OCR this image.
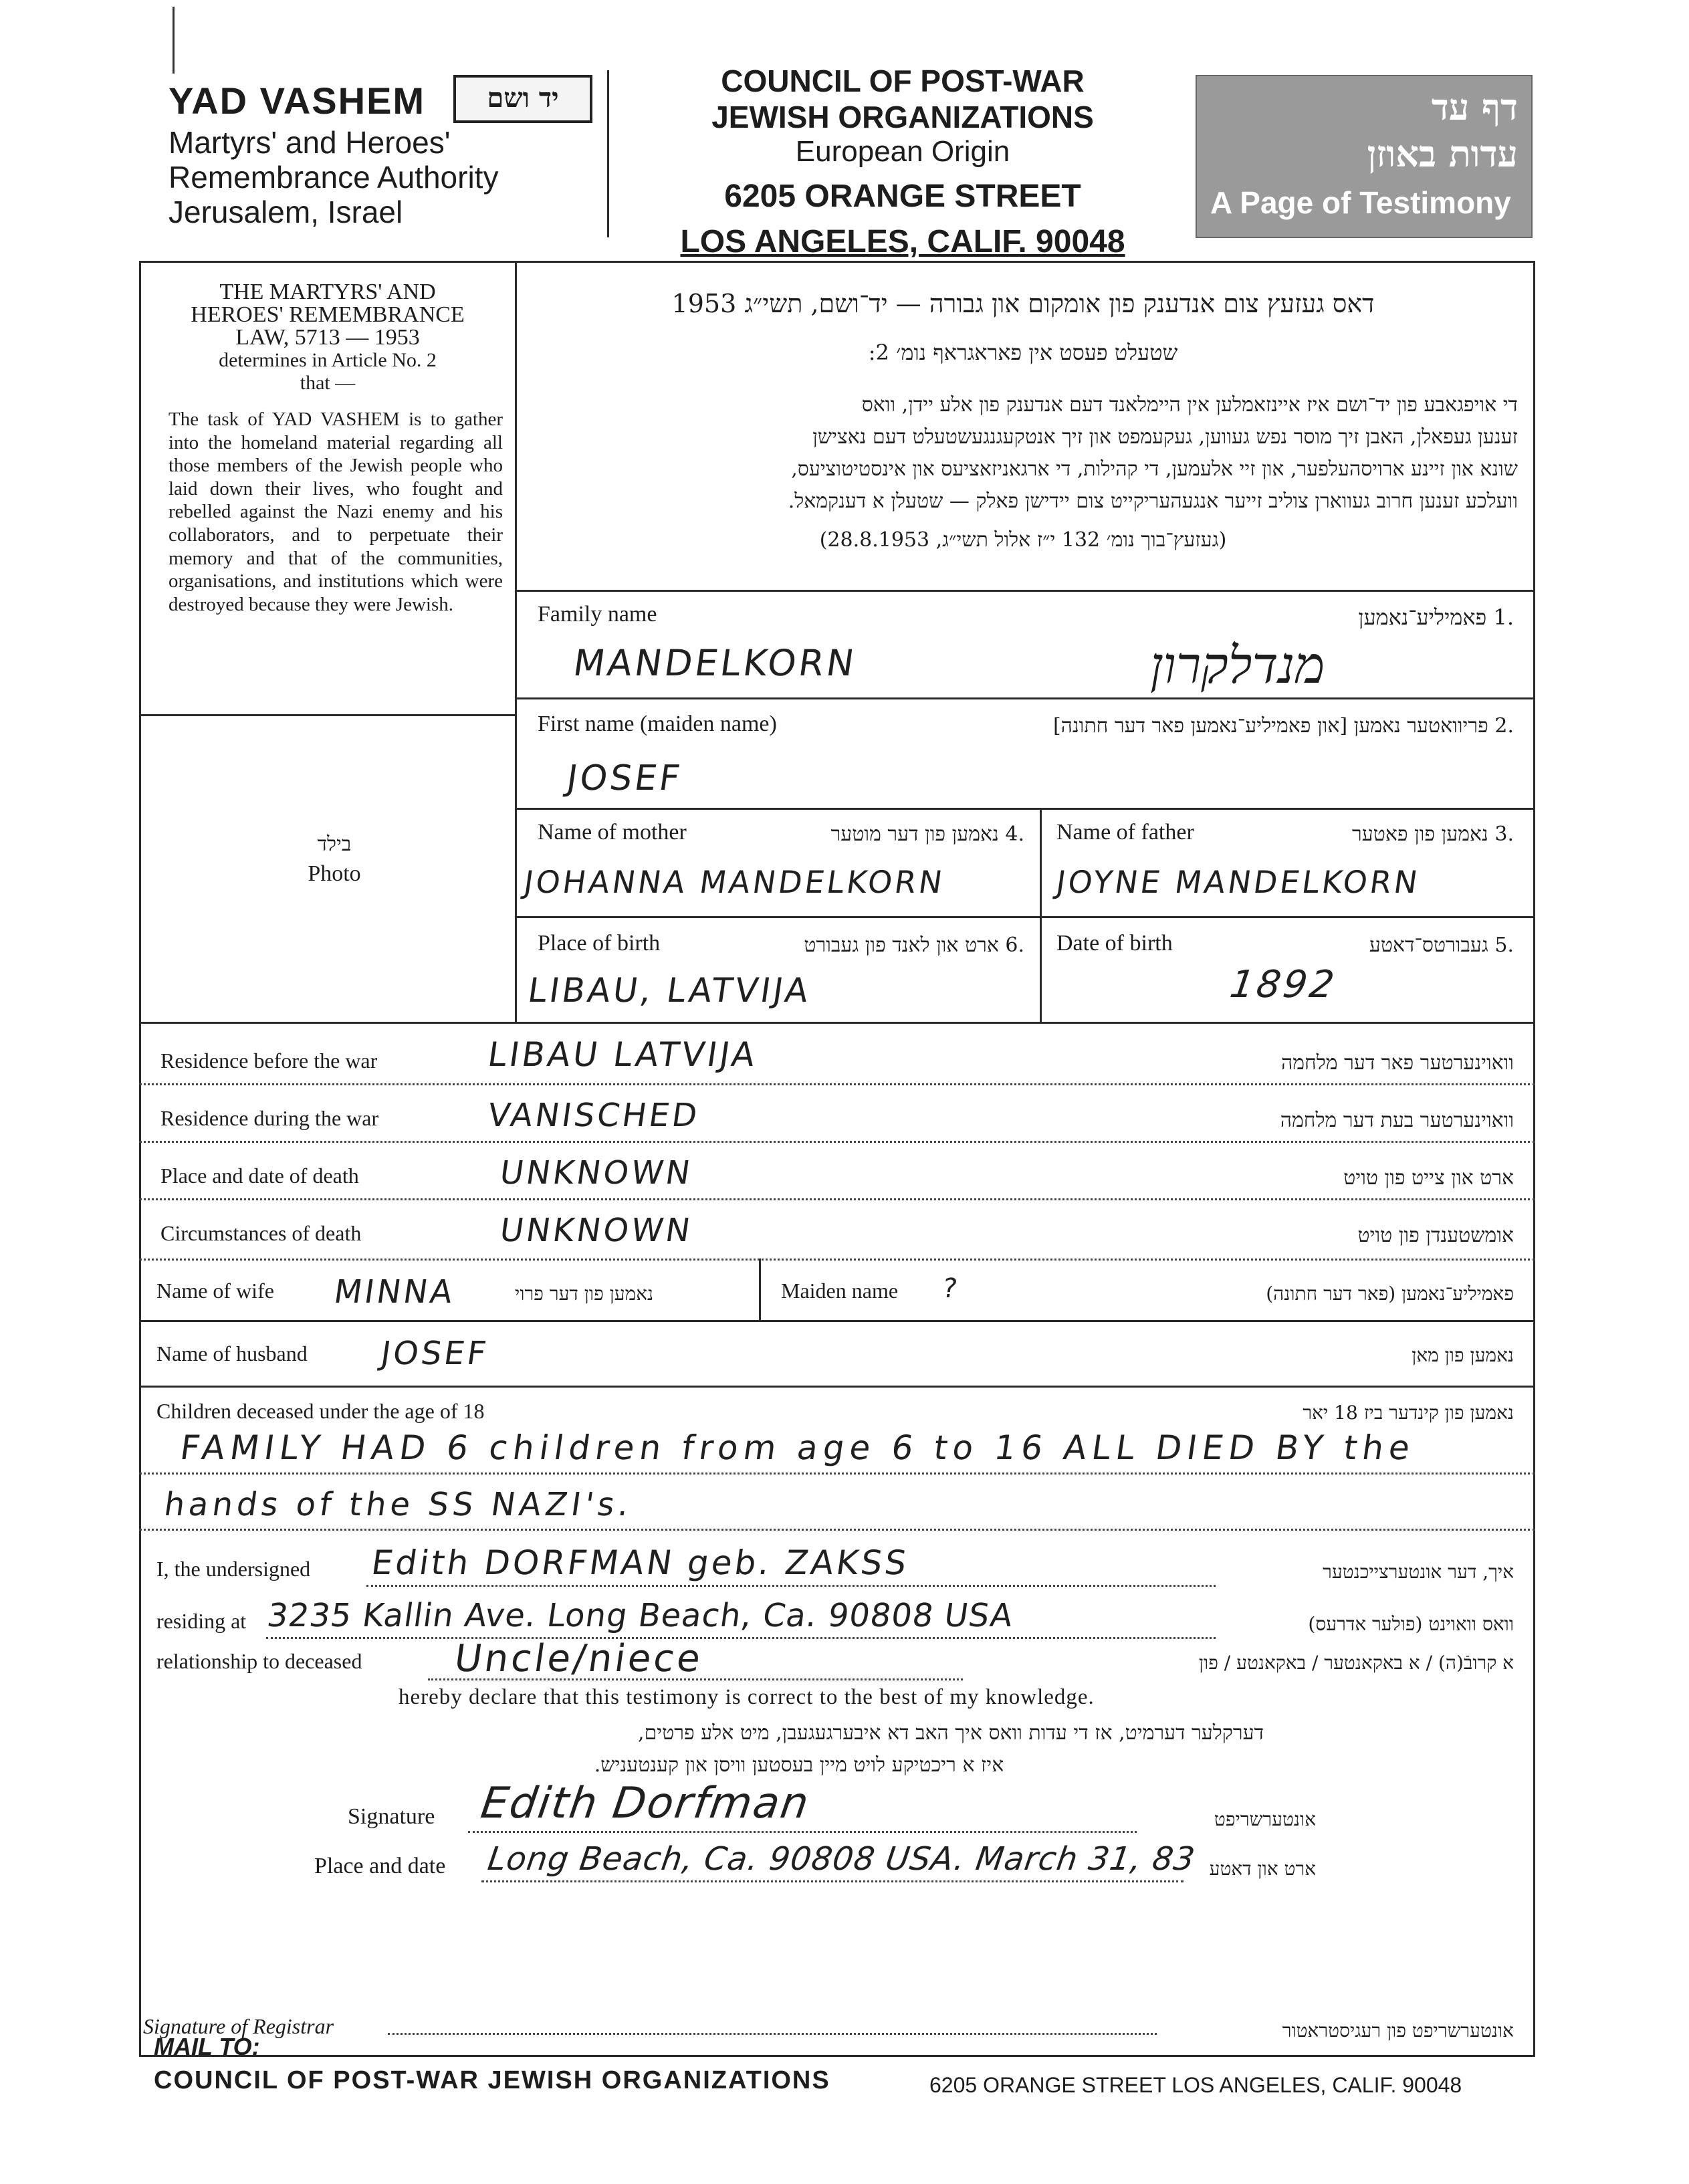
YAD VASHEM	יד ושם
Martyrs' and Heroes'
Remembrance Authority
Jerusalem, Israel
COUNCIL OF POST-WAR
JEWISH ORGANIZATIONS
European Origin
6205 ORANGE STREET
LOS ANGELES, CALIF. 90048
דף עד
עדות באוזן
A Page of Testimony
THE MARTYRS' AND
HEROES' REMEMBRANCE
LAW, 5713 — 1953
determines in Article No. 2
that —
The task of YAD VASHEM is to gather into the homeland material regarding all those members of the Jewish people who laid down their lives, who fought and rebelled against the Nazi enemy and his collaborators, and to perpetuate their memory and that of the communities, organisations, and institutions which were destroyed because they were Jewish.
בילד
Photo
דאס געזעץ צום אנדענק פון אומקום און גבורה — יד־ושם, תשי״ג 1953
שטעלט פעסט אין פאראגראף נומ׳ 2:
די אויפגאבע פון יד־ושם איז איינזאמלען אין היימלאנד דעם אנדענק פון אלע יידן, וואס
זענען געפאלן, האבן זיך מוסר נפש געווען, געקעמפט און זיך אנטקעגנגעשטעלט דעם נאצישן
שונא און זיינע ארויסהעלפער, און זיי אלעמען, די קהילות, די ארגאניזאציעס און אינסטיטוציעס,
וועלכע זענען חרוב געווארן צוליב זייער אנגעהעריקייט צום יידישן פאלק — שטעלן א דענקמאל.
(געזעץ־בוך נומ׳ 132 י״ז אלול תשי״ג, 28.8.1953)
Family name	.1 פאמיליע־נאמען
MANDELKORN	מנדלקרון
First name (maiden name)	.2 פריוואטער נאמען [און פאמיליע־נאמען פאר דער חתונה]
JOSEF
Name of mother	.4 נאמען פון דער מוטער
JOHANNA MANDELKORN
Name of father	.3 נאמען פון פאטער
JOYNE MANDELKORN
Place of birth	.6 ארט און לאנד פון געבורט
LIBAU, LATVIJA
Date of birth	.5 געבורטס־דאטע
1892
Residence before the war	וואוינערטער פאר דער מלחמה
LIBAU LATVIJA
Residence during the war	וואוינערטער בעת דער מלחמה
VANISCHED
Place and date of death	ארט און צייט פון טויט
UNKNOWN
Circumstances of death	אומשטענדן פון טויט
UNKNOWN
Name of wife MINNA	נאמען פון דער פרוי	Maiden name ?	פאמיליע־נאמען (פאר דער חתונה)
Name of husband JOSEF	נאמען פון מאן
Children deceased under the age of 18	נאמען פון קינדער ביז 18 יאר
FAMILY HAD 6 children from age 6 to 16 ALL DIED BY the
hands of the SS NAZI's.
I, the undersigned Edith DORFMAN geb. ZAKSS	איך, דער אונטערצייכנטער
residing at 3235 Kallin Ave. Long Beach, Ca. 90808 USA	וואס וואוינט (פולער אדרעס)
relationship to deceased Uncle/niece	א קרובֿ(ה) / א באקאנטער / באקאנטע / פון
hereby declare that this testimony is correct to the best of my knowledge.
דערקלער דערמיט, אז די עדות וואס איך האב דא איבערגעגעבן, מיט אלע פרטים,
איז א ריכטיקע לויט מיין בעסטען וויסן און קענטעניש.
Signature Edith Dorfman	אונטערשריפט
Place and date Long Beach, Ca. 90808 USA. March 31, 83 ארט און דאטע
Signature of Registrar	אונטערשריפט פון רעגיסטראטור
MAIL TO:
COUNCIL OF POST-WAR JEWISH ORGANIZATIONS	6205 ORANGE STREET LOS ANGELES, CALIF. 90048
